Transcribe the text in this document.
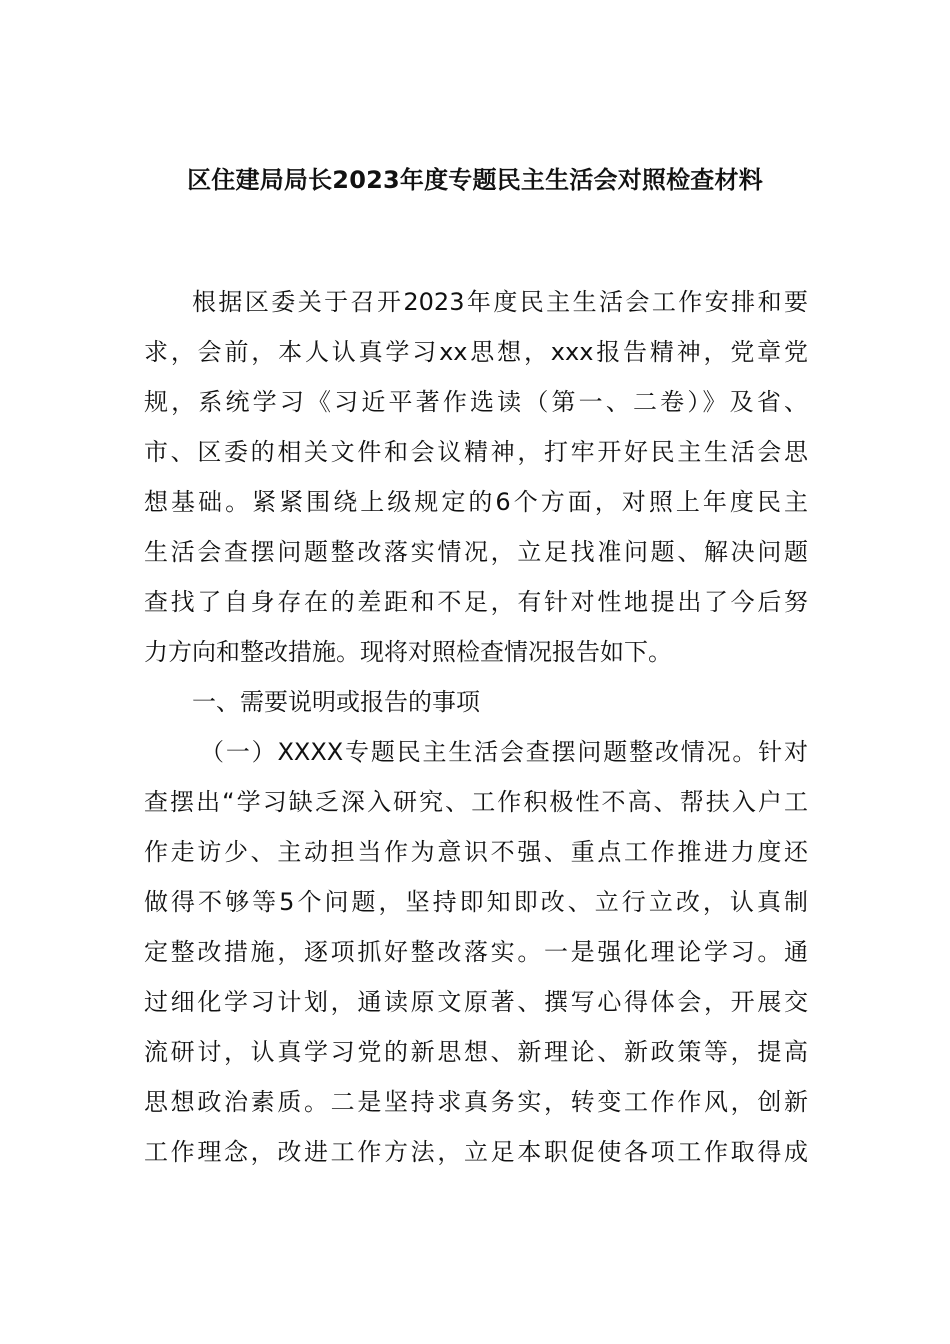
区住建局局长2023年度专题民主生活会对照检查材料
根据区委关于召开2023年度民主生活会工作安排和要
求，会前，本人认真学习xx思想，xxx报告精神，党章党
规，系统学习《习近平著作选读（第一、二卷）》及省、
市、区委的相关文件和会议精神，打牢开好民主生活会思
想基础。紧紧围绕上级规定的6个方面，对照上年度民主
生活会查摆问题整改落实情况，立足找准问题、解决问题
查找了自身存在的差距和不足，有针对性地提出了今后努
力方向和整改措施。现将对照检查情况报告如下。
一、需要说明或报告的事项
（一）XXXX专题民主生活会查摆问题整改情况。针对
查摆出“学习缺乏深入研究、工作积极性不高、帮扶入户工
作走访少、主动担当作为意识不强、重点工作推进力度还
做得不够等5个问题，坚持即知即改、立行立改，认真制
定整改措施，逐项抓好整改落实。一是强化理论学习。通
过细化学习计划，通读原文原著、撰写心得体会，开展交
流研讨，认真学习党的新思想、新理论、新政策等，提高
思想政治素质。二是坚持求真务实，转变工作作风，创新
工作理念，改进工作方法，立足本职促使各项工作取得成
